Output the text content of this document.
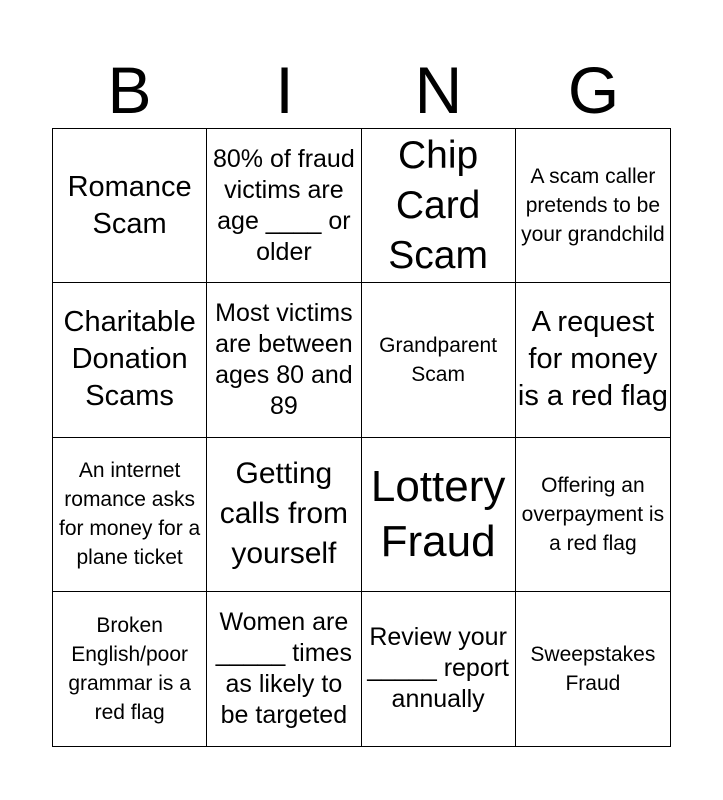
B	I	N	G
Romance Scam
80% of fraud victims are age ____ or older
Chip Card Scam
A scam caller pretends to be your grandchild
Charitable Donation Scams
Most victims are between ages 80 and 89
Grandparent Scam
A request for money is a red flag
An internet romance asks for money for a plane ticket
Getting calls from yourself
Lottery Fraud
Offering an overpayment is a red flag
Broken English/poor grammar is a red flag
Women are _____ times as likely to be targeted
Review your _____ report annually
Sweepstakes Fraud
